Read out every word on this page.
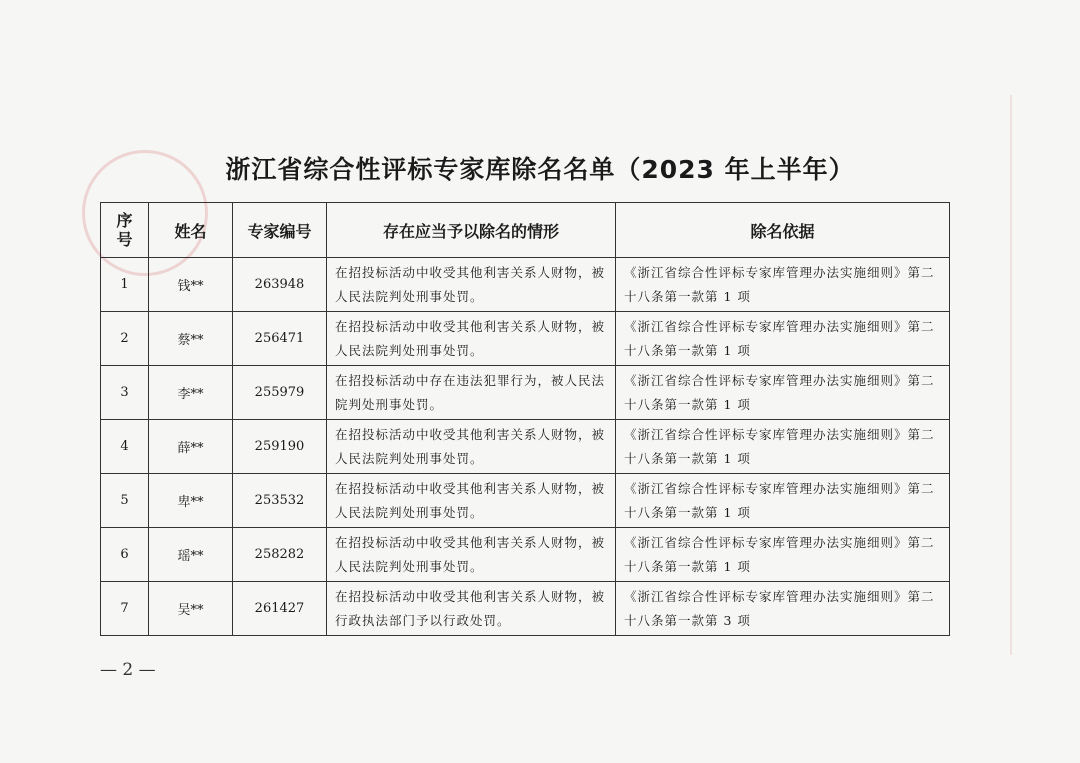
浙江省综合性评标专家库除名名单（2023 年上半年）
序号	姓名	专家编号	存在应当予以除名的情形	除名依据
1	钱**	263948	在招投标活动中收受其他利害关系人财物，被人民法院判处刑事处罚。	《浙江省综合性评标专家库管理办法实施细则》第二十八条第一款第 1 项
2	蔡**	256471	在招投标活动中收受其他利害关系人财物，被人民法院判处刑事处罚。	《浙江省综合性评标专家库管理办法实施细则》第二十八条第一款第 1 项
3	李**	255979	在招投标活动中存在违法犯罪行为，被人民法院判处刑事处罚。	《浙江省综合性评标专家库管理办法实施细则》第二十八条第一款第 1 项
4	薛**	259190	在招投标活动中收受其他利害关系人财物，被人民法院判处刑事处罚。	《浙江省综合性评标专家库管理办法实施细则》第二十八条第一款第 1 项
5	卑**	253532	在招投标活动中收受其他利害关系人财物，被人民法院判处刑事处罚。	《浙江省综合性评标专家库管理办法实施细则》第二十八条第一款第 1 项
6	瑶**	258282	在招投标活动中收受其他利害关系人财物，被人民法院判处刑事处罚。	《浙江省综合性评标专家库管理办法实施细则》第二十八条第一款第 1 项
7	吴**	261427	在招投标活动中收受其他利害关系人财物，被行政执法部门予以行政处罚。	《浙江省综合性评标专家库管理办法实施细则》第二十八条第一款第 3 项
— 2 —
